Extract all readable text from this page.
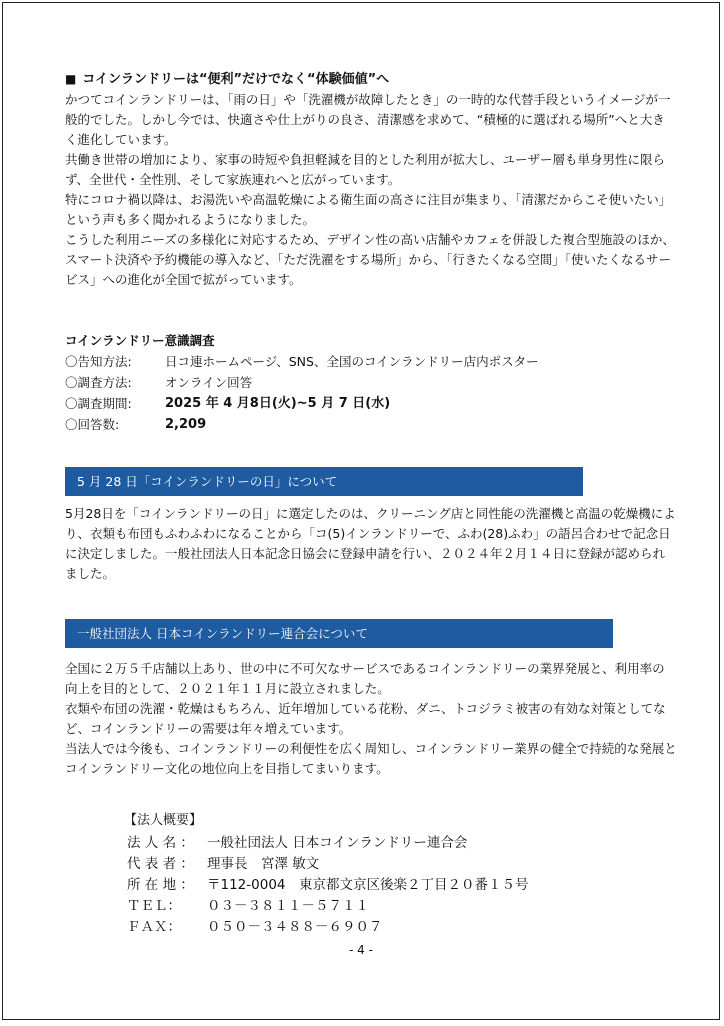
■ コインランドリーは“便利”だけでなく“体験価値”へ
かつてコインランドリーは、「雨の日」や「洗濯機が故障したとき」の一時的な代替手段というイメージが一般的でした。しかし今では、快適さや仕上がりの良さ、清潔感を求めて、“積極的に選ばれる場所”へと大きく進化しています。
共働き世帯の増加により、家事の時短や負担軽減を目的とした利用が拡大し、ユーザー層も単身男性に限らず、全世代・全性別、そして家族連れへと広がっています。
特にコロナ禍以降は、お湯洗いや高温乾燥による衛生面の高さに注目が集まり、「清潔だからこそ使いたい」という声も多く聞かれるようになりました。
こうした利用ニーズの多様化に対応するため、デザイン性の高い店舗やカフェを併設した複合型施設のほか、スマート決済や予約機能の導入など、「ただ洗濯をする場所」から、「行きたくなる空間」「使いたくなるサービス」への進化が全国で拡がっています。
コインランドリー意識調査
〇告知方法:	日コ連ホームページ、SNS、全国のコインランドリー店内ポスター
〇調査方法:	オンライン回答
〇調査期間:	2025 年 4 月8日(火)~5 月 7 日(水)
〇回答数:	2,209
5 月 28 日「コインランドリーの日」について
5月28日を「コインランドリーの日」に選定したのは、クリーニング店と同性能の洗濯機と高温の乾燥機により、衣類も布団もふわふわになることから「コ(5)インランドリーで、ふわ(28)ふわ」の語呂合わせで記念日に決定しました。一般社団法人日本記念日協会に登録申請を行い、２０２４年２月１４日に登録が認められました。
一般社団法人 日本コインランドリー連合会について
全国に２万５千店舗以上あり、世の中に不可欠なサービスであるコインランドリーの業界発展と、利用率の向上を目的として、２０２１年１１月に設立されました。
衣類や布団の洗濯・乾燥はもちろん、近年増加している花粉、ダニ、トコジラミ被害の有効な対策としてなど、コインランドリーの需要は年々増えています。
当法人では今後も、コインランドリーの利便性を広く周知し、コインランドリー業界の健全で持続的な発展とコインランドリー文化の地位向上を目指してまいります。
【法人概要】
法 人 名 ： 一般社団法人 日本コインランドリー連合会
代 表 者 ： 理事長　宮澤 敏文
所 在 地 ： 〒112-0004　東京都文京区後楽２丁目２０番１５号
ＴＥＬ：	０３－３８１１－５７１１
ＦＡＸ：	０５０－３４８８－６９０７
- 4 -
